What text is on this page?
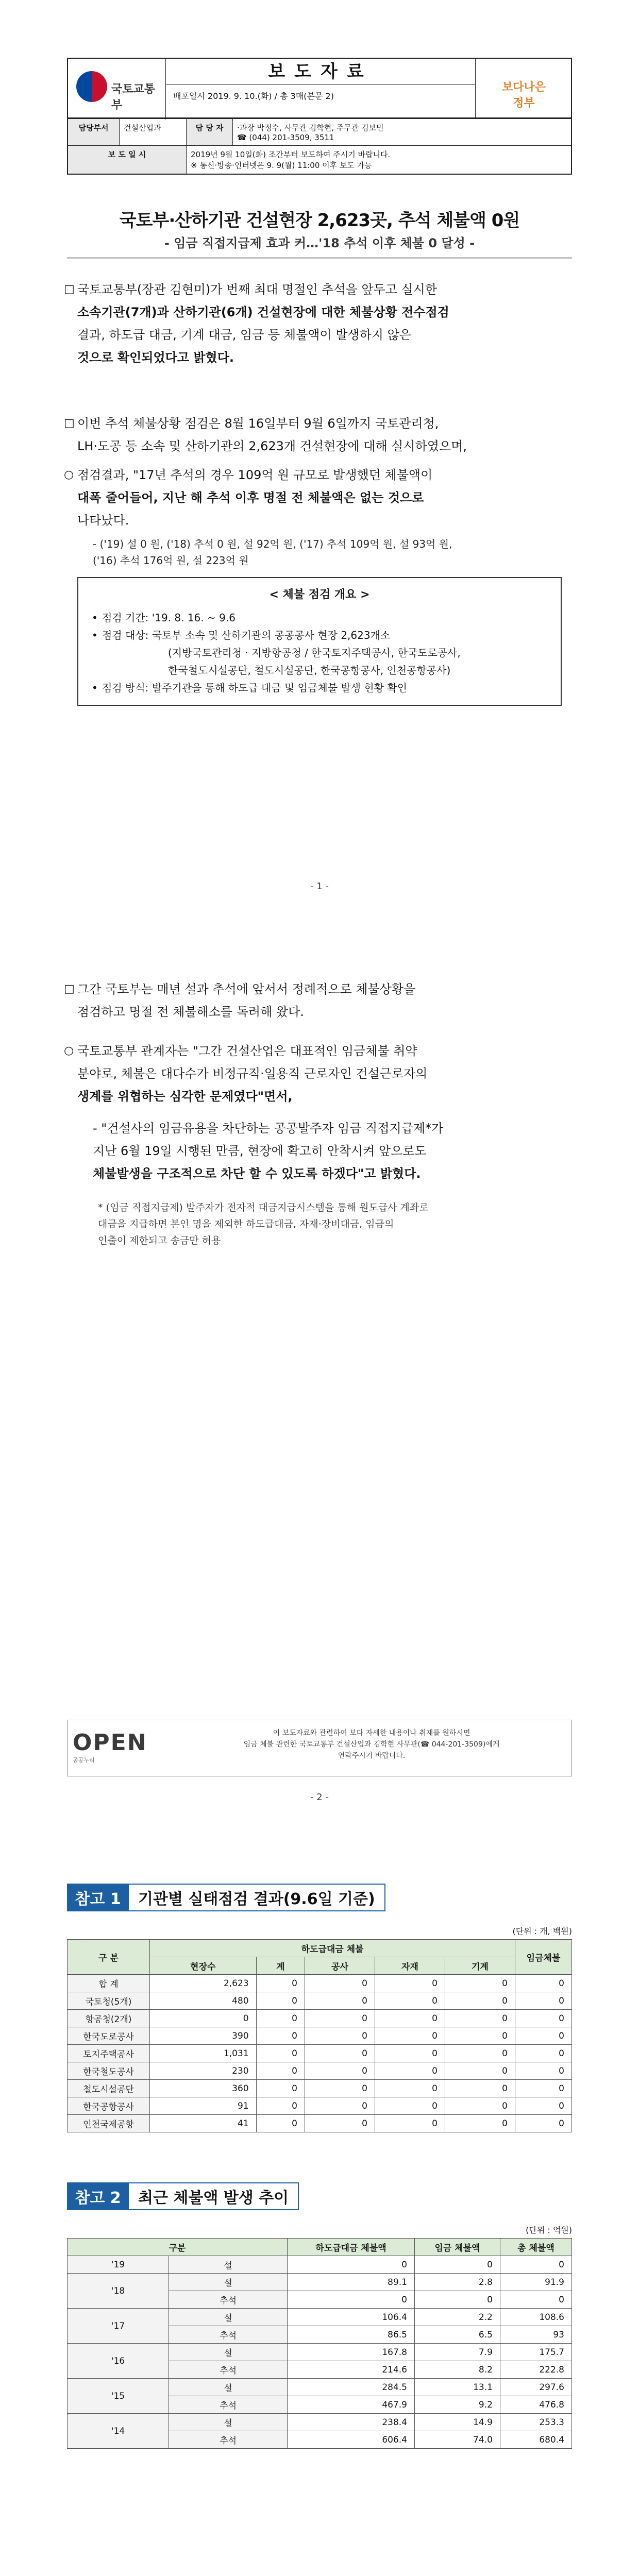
국토교통부
보도자료
배포일시 2019. 9. 10.(화) / 총 3매(본문 2)
보다나은
정부
담당부서	건설산업과	담 당 자	·과장 박정수, 사무관 김학현, 주무관 김보민
☎ (044) 201-3509, 3511
보 도 일 시	2019년 9월 10일(화) 조간부터 보도하여 주시기 바랍니다.
※ 통신·방송·인터넷은 9. 9(월) 11:00 이후 보도 가능
국토부·산하기관 건설현장 2,623곳, 추석 체불액 0원
- 임금 직접지급제 효과 커…'18 추석 이후 체불 0 달성 -
□ 국토교통부(장관 김현미)가 번째 최대 명절인 추석을 앞두고 실시한
소속기관(7개)과 산하기관(6개) 건설현장에 대한 체불상황 전수점검
결과, 하도급 대금, 기계 대금, 임금 등 체불액이 발생하지 않은
것으로 확인되었다고 밝혔다.
□ 이번 추석 체불상황 점검은 8월 16일부터 9월 6일까지 국토관리청,
LH·도공 등 소속 및 산하기관의 2,623개 건설현장에 대해 실시하였으며,
○ 점검결과, "17년 추석의 경우 109억 원 규모로 발생했던 체불액이
대폭 줄어들어, 지난 해 추석 이후 명절 전 체불액은 없는 것으로
나타났다.
- ('19) 설 0 원, ('18) 추석 0 원, 설 92억 원, ('17) 추석 109억 원, 설 93억 원,
('16) 추석 176억 원, 설 223억 원
< 체불 점검 개요 >
• 점검 기간: '19. 8. 16. ~ 9.6
• 점검 대상: 국토부 소속 및 산하기관의 공공공사 현장 2,623개소
(지방국토관리청 · 지방항공청 / 한국토지주택공사, 한국도로공사,
한국철도시설공단, 철도시설공단, 한국공항공사, 인천공항공사)
• 점검 방식: 발주기관을 통해 하도급 대금 및 임금체불 발생 현황 확인
- 1 -
□ 그간 국토부는 매년 설과 추석에 앞서서 정례적으로 체불상황을
점검하고 명절 전 체불해소를 독려해 왔다.
○ 국토교통부 관계자는 "그간 건설산업은 대표적인 임금체불 취약
분야로, 체불은 대다수가 비정규직·일용직 근로자인 건설근로자의
생계를 위협하는 심각한 문제였다"면서,
- "건설사의 임금유용을 차단하는 공공발주자 임금 직접지급제*가
지난 6월 19일 시행된 만큼, 현장에 확고히 안착시켜 앞으로도
체불발생을 구조적으로 차단 할 수 있도록 하겠다"고 밝혔다.
* (임금 직접지급제) 발주자가 전자적 대금지급시스템을 통해 원도급사 계좌로
대금을 지급하면 본인 명을 제외한 하도급대금, 자재·장비대금, 임금의
인출이 제한되고 송금만 허용
OPEN
공공누리
이 보도자료와 관련하여 보다 자세한 내용이나 취재를 원하시면
임금 체불 관련한 국토교통부 건설산업과 김학현 사무관(☎ 044-201-3509)에게
연락주시기 바랍니다.
- 2 -
참고 1	기관별 실태점검 결과(9.6일 기준)
(단위 : 개, 백원)
구 분	하도급대금 체불					임금체불
	현장수	계	공사	자재	기계	
합 계	2,623	0	0	0	0	0
국토청(5개)	480	0	0	0	0	0
항공청(2개)	0	0	0	0	0	0
한국도로공사	390	0	0	0	0	0
토지주택공사	1,031	0	0	0	0	0
한국철도공사	230	0	0	0	0	0
철도시설공단	360	0	0	0	0	0
한국공항공사	91	0	0	0	0	0
인천국제공항	41	0	0	0	0	0
참고 2	최근 체불액 발생 추이
(단위 : 억원)
구분		하도급대금 체불액	임금 체불액	총 체불액
'19	설	0	0	0
'18	설	89.1	2.8	91.9
	추석	0	0	0
'17	설	106.4	2.2	108.6
	추석	86.5	6.5	93
'16	설	167.8	7.9	175.7
	추석	214.6	8.2	222.8
'15	설	284.5	13.1	297.6
	추석	467.9	9.2	476.8
'14	설	238.4	14.9	253.3
	추석	606.4	74.0	680.4
